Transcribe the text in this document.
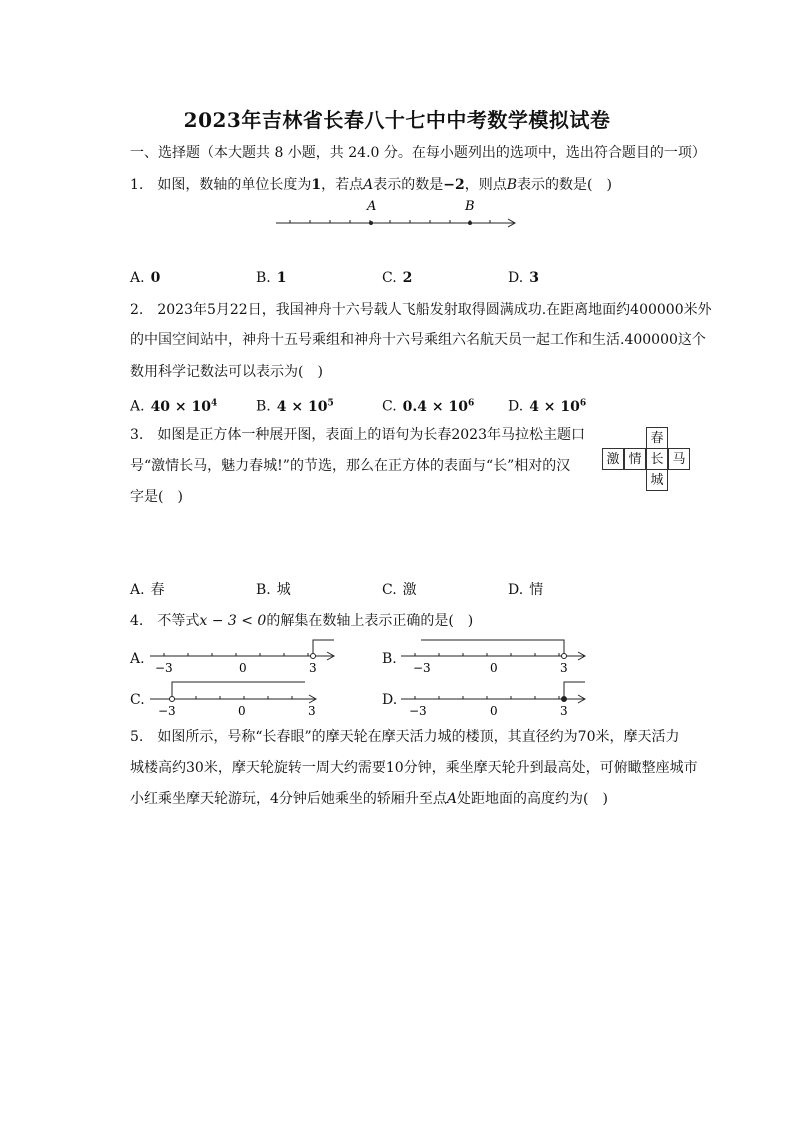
2023年吉林省长春八十七中中考数学模拟试卷
一、选择题（本大题共 8 小题，共 24.0 分。在每小题列出的选项中，选出符合题目的一项）
1.　如图，数轴的单位长度为1，若点A表示的数是−2，则点B表示的数是(　)
A	B
A. 0	B. 1	C. 2	D. 3
2.　2023年5月22日，我国神舟十六号载人飞船发射取得圆满成功.在距离地面约400000米外
的中国空间站中，神舟十五号乘组和神舟十六号乘组六名航天员一起工作和生活.400000这个
数用科学记数法可以表示为(　)
A. $40 \times 10^4$	B. $4 \times 10^5$	C. $0.4 \times 10^6$ D. $4 \times 10^6$
3.　如图是正方体一种展开图，表面上的语句为长春2023年马拉松主题口
号“激情长马，魅力春城!”的节选，那么在正方体的表面与“长”相对的汉
字是(　)
春
激 情 长 马
城
A. 春	B. 城	C. 激	D. 情
4.　不等式x − 3 < 0的解集在数轴上表示正确的是(　)
A.
−3	0	3
B.
−3	0	3
C.
−3	0	3
D.
−3	0	3
5.　如图所示，号称“长春眼”的摩天轮在摩天活力城的楼顶，其直径约为70米，摩天活力
城楼高约30米，摩天轮旋转一周大约需要10分钟，乘坐摩天轮升到最高处，可俯瞰整座城市
小红乘坐摩天轮游玩，4分钟后她乘坐的轿厢升至点A处距地面的高度约为(　)
